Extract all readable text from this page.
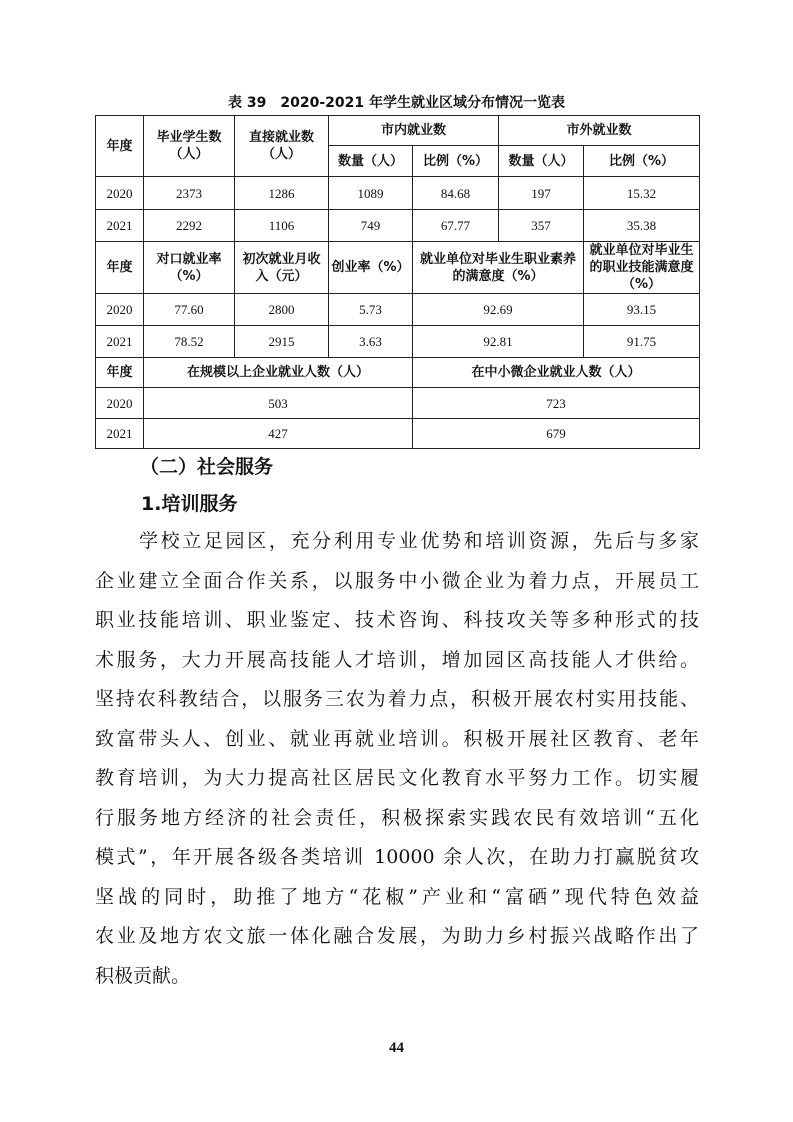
表 39　2020-2021 年学生就业区域分布情况一览表
年度	毕业学生数（人）	直接就业数（人）	市内就业数		市外就业数	
			数量（人）	比例（%）	数量（人）	比例（%）
2020	2373	1286	1089	84.68	197	15.32
2021	2292	1106	749	67.77	357	35.38
年度	对口就业率（%）	初次就业月收入（元）	创业率（%）	就业单位对毕业生职业素养的满意度（%）		就业单位对毕业生的职业技能满意度（%）
2020	77.60	2800	5.73	92.69		93.15
2021	78.52	2915	3.63	92.81		91.75
年度	在规模以上企业就业人数（人）			在中小微企业就业人数（人）		
2020	503			723		
2021	427			679		
（二）社会服务
1.培训服务
学校立足园区，充分利用专业优势和培训资源，先后与多家
企业建立全面合作关系，以服务中小微企业为着力点，开展员工
职业技能培训、职业鉴定、技术咨询、科技攻关等多种形式的技
术服务，大力开展高技能人才培训，增加园区高技能人才供给。
坚持农科教结合，以服务三农为着力点，积极开展农村实用技能、
致富带头人、创业、就业再就业培训。积极开展社区教育、老年
教育培训，为大力提高社区居民文化教育水平努力工作。切实履
行服务地方经济的社会责任，积极探索实践农民有效培训“五化
模式”，年开展各级各类培训 10000 余人次，在助力打赢脱贫攻
坚战的同时，助推了地方“花椒”产业和“富硒”现代特色效益
农业及地方农文旅一体化融合发展，为助力乡村振兴战略作出了
积极贡献。
44
